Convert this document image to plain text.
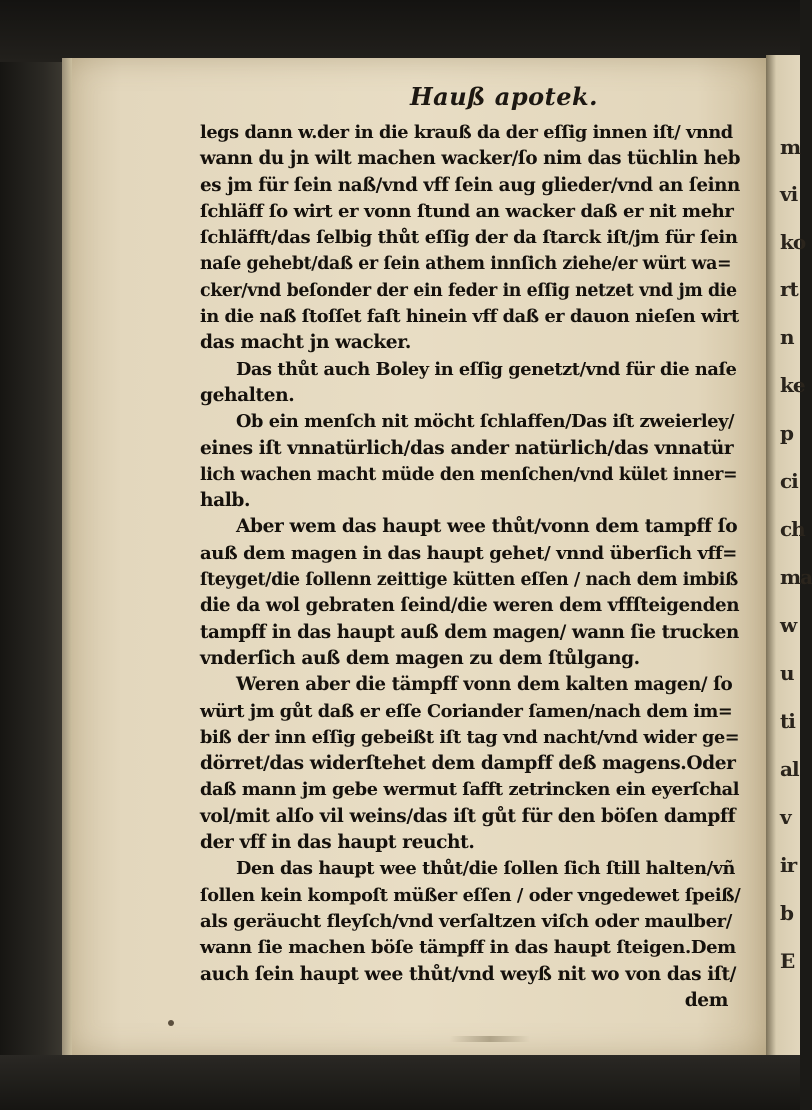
m
vi
ko
rt
n
ke
p
ci
ch
ma
w
u
ti
al
v
ir
b
E
Hauß apotek.
legs dann w.der in die krauß da der eſſig innen iſt/ vnnd
wann du jn wilt machen wacker/ſo nim das tüchlin heb
es jm für ſein naß/vnd vff ſein aug glieder/vnd an ſeinn
ſchläff ſo wirt er vonn ſtund an wacker daß er nit mehr
ſchläfft/das ſelbig thůt eſſig der da ſtarck iſt/jm für ſein
naſe gehebt/daß er ſein athem innſich ziehe/er würt wa=
cker/vnd beſonder der ein feder in eſſig netzet vnd jm die
in die naß ſtoſſet faſt hinein vff daß er dauon nieſen wirt
das macht jn wacker.
Das thůt auch Boley in eſſig genetzt/vnd für die naſe
gehalten.
Ob ein menſch nit möcht ſchlaffen/Das iſt zweierley/
eines iſt vnnatürlich/das ander natürlich/das vnnatür
lich wachen macht müde den menſchen/vnd kület inner=
halb.
Aber wem das haupt wee thůt/vonn dem tampff ſo
auß dem magen in das haupt gehet/ vnnd überſich vff=
ſteyget/die ſollenn zeittige kütten eſſen / nach dem imbiß
die da wol gebraten ſeind/die weren dem vffſteigenden
tampff in das haupt auß dem magen/ wann ſie trucken
vnderſich auß dem magen zu dem ſtůlgang.
Weren aber die tämpff vonn dem kalten magen/ ſo
würt jm gůt daß er eſſe Coriander ſamen/nach dem im=
biß der inn eſſig gebeißt iſt tag vnd nacht/vnd wider ge=
dörret/das widerſtehet dem dampff deß magens.Oder
daß mann jm gebe wermut ſafft zetrincken ein eyerſchal
vol/mit alſo vil weins/das iſt gůt für den böſen dampff
der vff in das haupt reucht.
Den das haupt wee thůt/die ſollen ſich ſtill halten/vñ
ſollen kein kompoſt müßer eſſen / oder vngedewet ſpeiß/
als geräucht fleyſch/vnd verſaltzen viſch oder maulber/
wann ſie machen böſe tämpff in das haupt ſteigen.Dem
auch ſein haupt wee thůt/vnd weyß nit wo von das iſt/
dem
